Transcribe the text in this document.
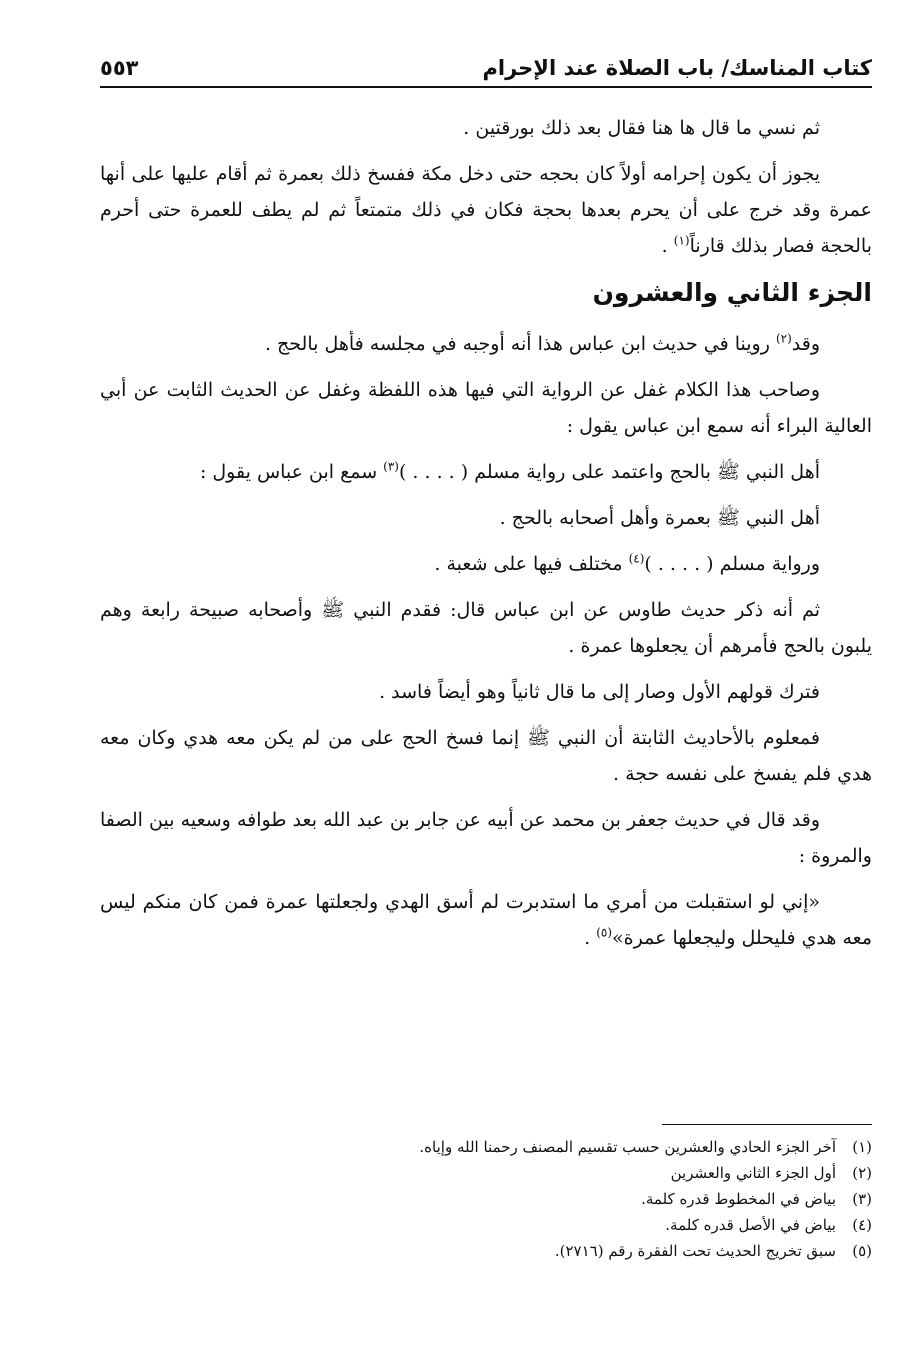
كتاب المناسك/ باب الصلاة عند الإحرام
٥٥٣

ثم نسي ما قال ها هنا فقال بعد ذلك بورقتين .

يجوز أن يكون إحرامه أولاً كان بحجه حتى دخل مكة ففسخ ذلك بعمرة ثم أقام عليها على أنها عمرة وقد خرج على أن يحرم بعدها بحجة فكان في ذلك متمتعاً ثم لم يطف للعمرة حتى أحرم بالحجة فصار بذلك قارناً$^{(١)}$ .

الجزء الثاني والعشرون

وقد$^{(٢)}$ روينا في حديث ابن عباس هذا أنه أوجبه في مجلسه فأهل بالحج .

وصاحب هذا الكلام غفل عن الرواية التي فيها هذه اللفظة وغفل عن الحديث الثابت عن أبي العالية البراء أنه سمع ابن عباس يقول :

أهل النبي ﷺ بالحج واعتمد على رواية مسلم ( . . . . )$^{(٣)}$ سمع ابن عباس يقول :

أهل النبي ﷺ بعمرة وأهل أصحابه بالحج .

ورواية مسلم ( . . . . )$^{(٤)}$ مختلف فيها على شعبة .

ثم أنه ذكر حديث طاوس عن ابن عباس قال: فقدم النبي ﷺ وأصحابه صبيحة رابعة وهم يلبون بالحج فأمرهم أن يجعلوها عمرة .

فترك قولهم الأول وصار إلى ما قال ثانياً وهو أيضاً فاسد .

فمعلوم بالأحاديث الثابتة أن النبي ﷺ إنما فسخ الحج على من لم يكن معه هدي وكان معه هدي فلم يفسخ على نفسه حجة .

وقد قال في حديث جعفر بن محمد عن أبيه عن جابر بن عبد الله بعد طوافه وسعيه بين الصفا والمروة :

«إني لو استقبلت من أمري ما استدبرت لم أسق الهدي ولجعلتها عمرة فمن كان منكم ليس معه هدي فليحلل وليجعلها عمرة»$^{(٥)}$ .

(١)
آخر الجزء الحادي والعشرين حسب تقسيم المصنف رحمنا الله وإياه.
(٢)
أول الجزء الثاني والعشرين
(٣)
بياض في المخطوط قدره كلمة.
(٤)
بياض في الأصل قدره كلمة.
(٥)
سبق تخريج الحديث تحت الفقرة رقم (٢٧١٦).
